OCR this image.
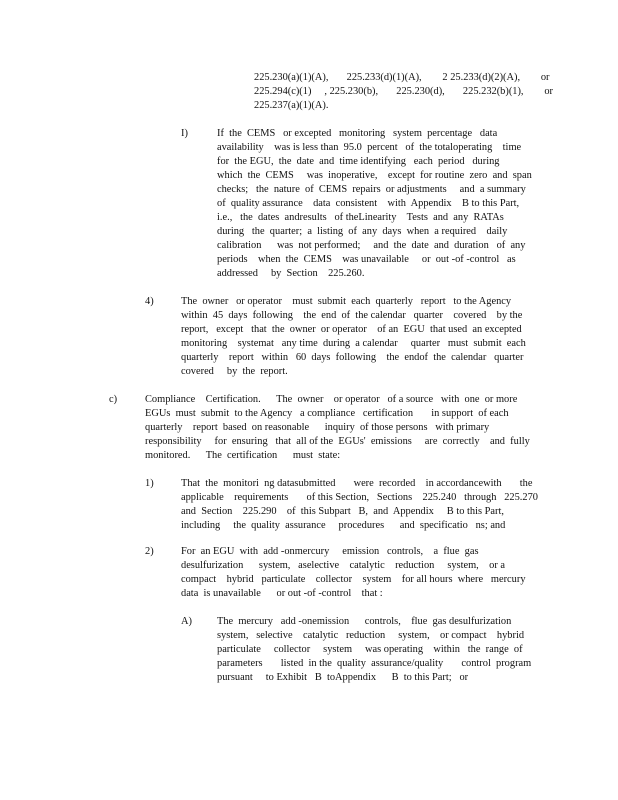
225.230(a)(1)(A),       225.233(d)(1)(A),        2 25.233(d)(2)(A),        or
225.294(c)(1)     , 225.230(b),       225.230(d),       225.232(b)(1),        or
225.237(a)(1)(A).
I)	If  the  CEMS   or excepted   monitoring   system  percentage   data
availability    was is less than  95.0  percent   of  the totaloperating    time
for  the EGU,  the  date  and  time identifying   each  period   during
which  the  CEMS     was  inoperative,    except  for routine  zero  and  span
checks;   the  nature  of  CEMS  repairs  or adjustments     and  a summary
of  quality assurance    data  consistent    with  Appendix    B to this Part,
i.e.,   the  dates  andresults   of theLinearity    Tests  and  any  RATAs
during   the  quarter;  a  listing  of  any  days  when  a required    daily
calibration      was  not performed;     and  the  date  and  duration   of  any
periods    when  the  CEMS    was unavailable     or  out -of -control   as
addressed     by  Section    225.260.
4)	The  owner   or operator    must  submit  each  quarterly   report   to the Agency
within  45  days  following    the  end  of  the calendar   quarter    covered    by the
report,   except   that  the  owner  or operator    of an  EGU  that used  an excepted
monitoring    systemat   any time  during  a calendar     quarter   must  submit  each
quarterly    report   within   60  days  following    the  endof  the  calendar   quarter
covered     by  the  report.
c)	Compliance    Certification.      The  owner    or operator   of a source   with  one  or more
EGUs  must  submit  to the Agency   a compliance   certification       in support  of each
quarterly    report  based  on reasonable      inquiry  of those persons   with primary
responsibility     for  ensuring   that  all of the  EGUs'  emissions     are  correctly    and  fully
monitored.      The  certification      must  state:
1)	That  the  monitori  ng datasubmitted       were  recorded    in accordancewith       the
applicable    requirements       of this Section,   Sections    225.240   through   225.270
and  Section    225.290    of  this Subpart   B,  and  Appendix     B to this Part,
including     the  quality  assurance     procedures      and  specificatio   ns; and
2)	For  an EGU  with  add -onmercury     emission   controls,    a  flue  gas
desulfurization      system,   aselective    catalytic    reduction     system,    or a
compact    hybrid   particulate    collector    system    for all hours  where   mercury
data  is unavailable      or out -of -control    that :
A) The  mercury   add -onemission      controls,    flue  gas desulfurization
system,   selective    catalytic   reduction     system,    or compact    hybrid
particulate     collector     system     was operating    within   the  range  of
parameters       listed  in the  quality  assurance/quality       control  program
pursuant     to Exhibit   B  toAppendix      B  to this Part;   or
